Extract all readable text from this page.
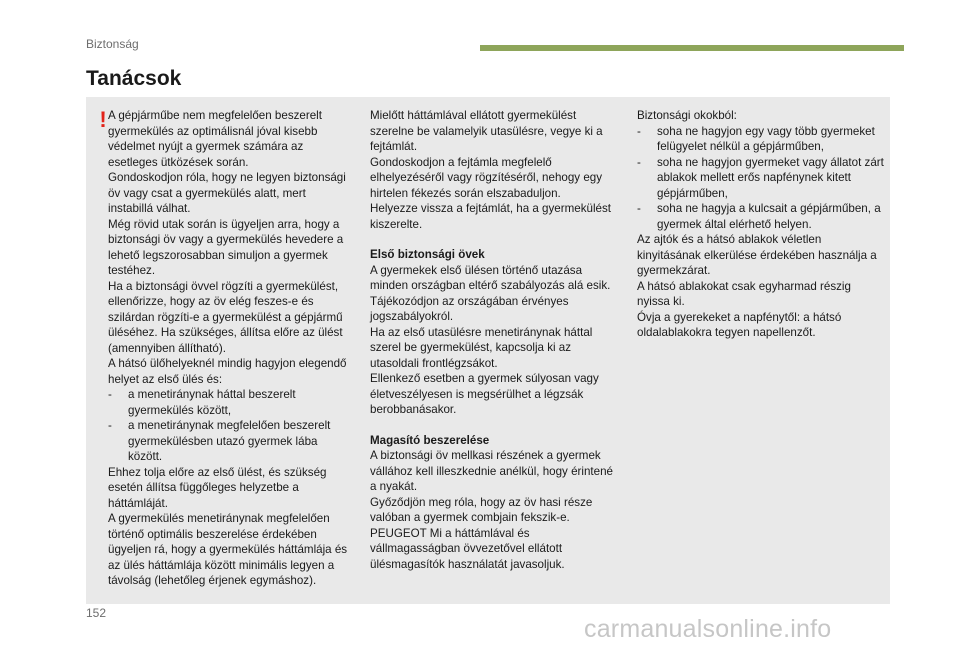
Biztonság
Tanácsok
! A gépjárműbe nem megfelelően beszerelt gyermekülés az optimálisnál jóval kisebb védelmet nyújt a gyermek számára az esetleges ütközések során.

Gondoskodjon róla, hogy ne legyen biztonsági öv vagy csat a gyermekülés alatt, mert instabillá válhat.

Még rövid utak során is ügyeljen arra, hogy a biztonsági öv vagy a gyermekülés hevedere a lehető legszorosabban simuljon a gyermek testéhez.

Ha a biztonsági övvel rögzíti a gyermekülést, ellenőrizze, hogy az öv elég feszes-e és szilárdan rögzíti-e a gyermekülést a gépjármű üléséhez. Ha szükséges, állítsa előre az ülést (amennyiben állítható).

A hátsó ülőhelyeknél mindig hagyjon elegendő helyet az első ülés és:

- a menetiránynak háttal beszerelt gyermekülés között,

- a menetiránynak megfelelően beszerelt gyermekülésben utazó gyermek lába között.

Ehhez tolja előre az első ülést, és szükség esetén állítsa függőleges helyzetbe a háttámláját.

A gyermekülés menetiránynak megfelelően történő optimális beszerelése érdekében ügyeljen rá, hogy a gyermekülés háttámlája és az ülés háttámlája között minimális legyen a távolság (lehetőleg érjenek egymáshoz).

Mielőtt háttámlával ellátott gyermekülést szerelne be valamelyik utasülésre, vegye ki a fejtámlát.

Gondoskodjon a fejtámla megfelelő elhelyezéséről vagy rögzítéséről, nehogy egy hirtelen fékezés során elszabaduljon.

Helyezze vissza a fejtámlát, ha a gyermekülést kiszerelte.

Első biztonsági övek

A gyermekek első ülésen történő utazása minden országban eltérő szabályozás alá esik. Tájékozódjon az országában érvényes jogszabályokról.

Ha az első utasülésre menetiránynak háttal szerel be gyermekülést, kapcsolja ki az utasoldali frontlégzsákot.

Ellenkező esetben a gyermek súlyosan vagy életveszélyesen is megsérülhet a légzsák berobbanásakor.

Magasító beszerelése

A biztonsági öv mellkasi részének a gyermek vállához kell illeszkednie anélkül, hogy érintené a nyakát.

Győződjön meg róla, hogy az öv hasi része valóban a gyermek combjain fekszik-e.

PEUGEOT Mi a háttámlával és vállmagasságban övvezetővel ellátott ülésmagasítók használatát javasoljuk.

Biztonsági okokból:

- soha ne hagyjon egy vagy több gyermeket felügyelet nélkül a gépjárműben,

- soha ne hagyjon gyermeket vagy állatot zárt ablakok mellett erős napfénynek kitett gépjárműben,

- soha ne hagyja a kulcsait a gépjárműben, a gyermek által elérhető helyen.

Az ajtók és a hátsó ablakok véletlen kinyitásának elkerülése érdekében használja a gyermekzárat.

A hátsó ablakokat csak egyharmad részig nyissa ki.

Óvja a gyerekeket a napfénytől: a hátsó oldalablakokra tegyen napellenzőt.

152
carmanualsonline.info
